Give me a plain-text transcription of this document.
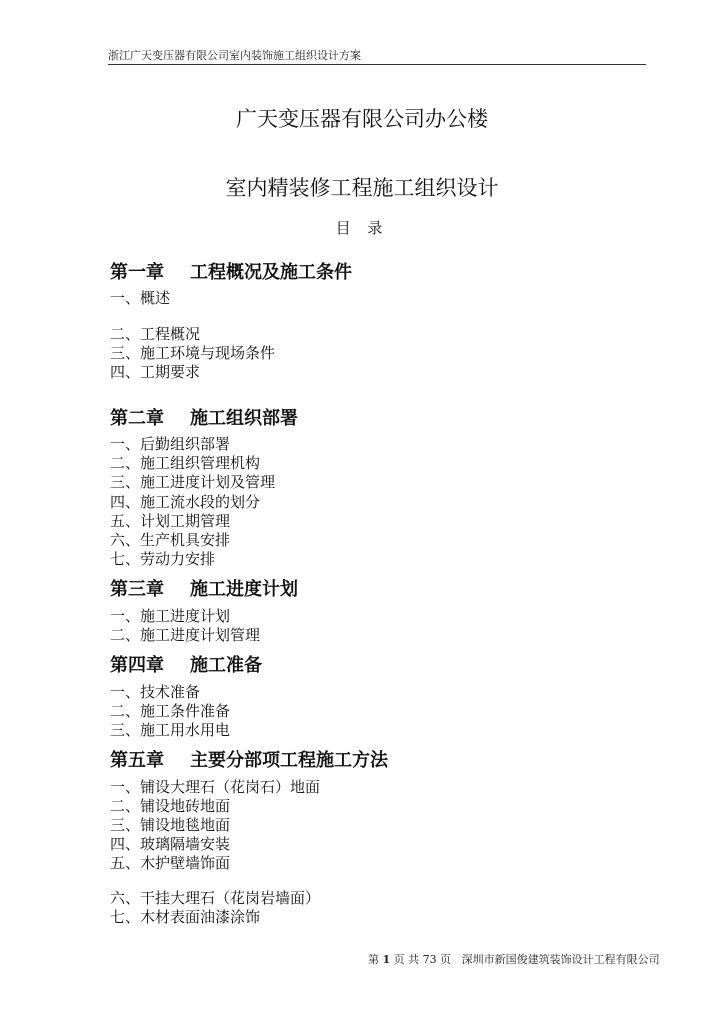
浙江广天变压器有限公司室内装饰施工组织设计方案
广天变压器有限公司办公楼
室内精装修工程施工组织设计
目 录
第一章 工程概况及施工条件
一、概述
二、工程概况
三、施工环境与现场条件
四、工期要求
第二章 施工组织部署
一、后勤组织部署
二、施工组织管理机构
三、施工进度计划及管理
四、施工流水段的划分
五、计划工期管理
六、生产机具安排
七、劳动力安排
第三章 施工进度计划
一、施工进度计划
二、施工进度计划管理
第四章 施工准备
一、技术准备
二、施工条件准备
三、施工用水用电
第五章 主要分部项工程施工方法
一、铺设大理石（花岗石）地面
二、铺设地砖地面
三、铺设地毯地面
四、玻璃隔墙安装
五、木护壁墙饰面
六、干挂大理石（花岗岩墙面）
七、木材表面油漆涂饰
第 1 页 共 73 页 深圳市新国俊建筑装饰设计工程有限公司
